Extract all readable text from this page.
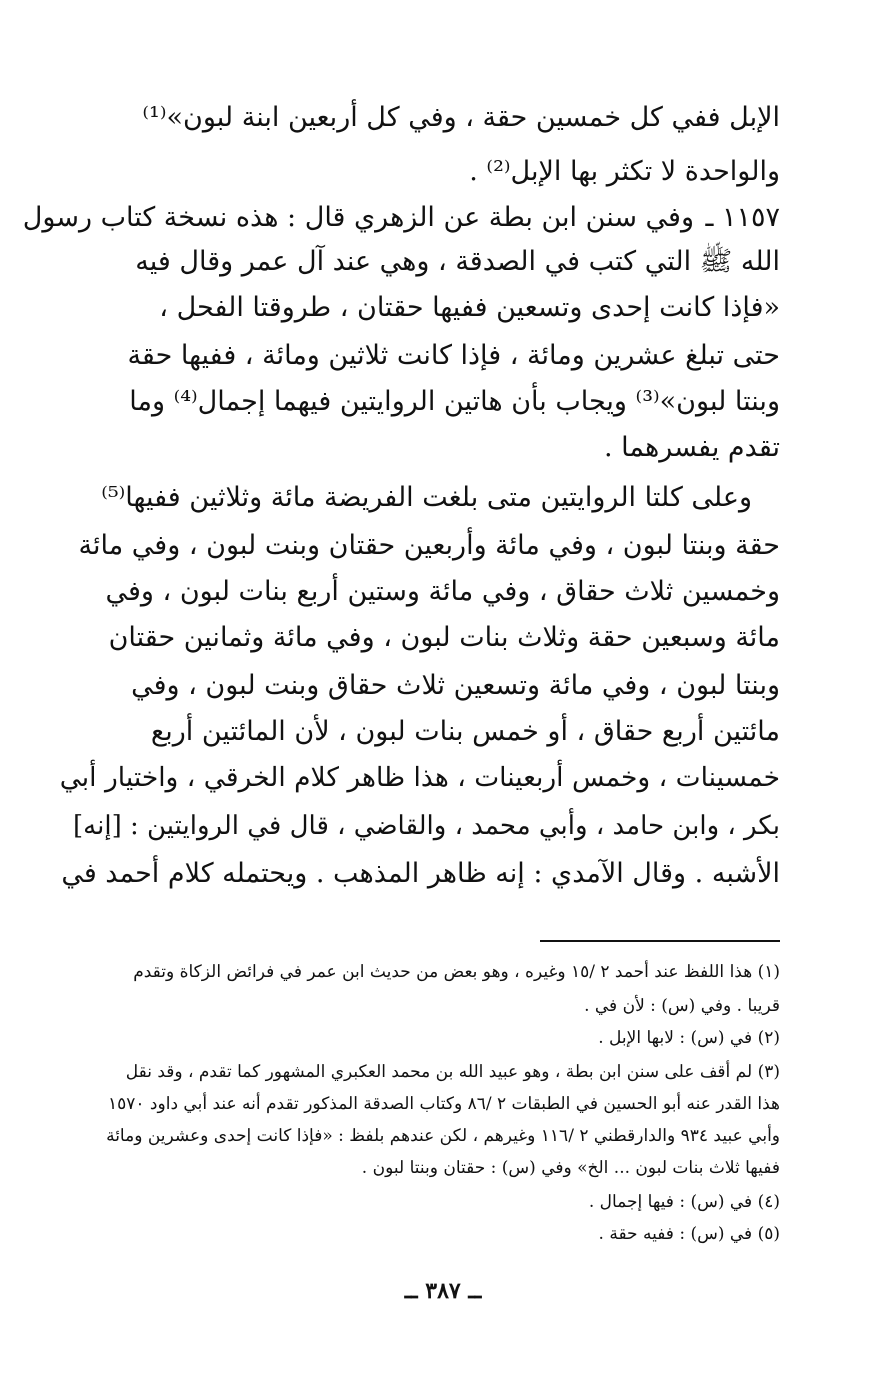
الإبل ففي كل خمسين حقة ، وفي كل أربعين ابنة لبون»⁽¹⁾
والواحدة لا تكثر بها الإبل⁽²⁾ .
١١٥٧ ـ
وفي سنن ابن بطة عن الزهري قال : هذه نسخة كتاب رسول
الله ﷺ التي كتب في الصدقة ، وهي عند آل عمر وقال فيه
«فإذا كانت إحدى وتسعين ففيها حقتان ، طروقتا الفحل ،
حتى تبلغ عشرين ومائة ، فإذا كانت ثلاثين ومائة ، ففيها حقة
وبنتا لبون»⁽³⁾ ويجاب بأن هاتين الروايتين فيهما إجمال⁽⁴⁾ وما
تقدم يفسرهما .
وعلى كلتا الروايتين متى بلغت الفريضة مائة وثلاثين ففيها⁽⁵⁾
حقة وبنتا لبون ، وفي مائة وأربعين حقتان وبنت لبون ، وفي مائة
وخمسين ثلاث حقاق ، وفي مائة وستين أربع بنات لبون ، وفي
مائة وسبعين حقة وثلاث بنات لبون ، وفي مائة وثمانين حقتان
وبنتا لبون ، وفي مائة وتسعين ثلاث حقاق وبنت لبون ، وفي
مائتين أربع حقاق ، أو خمس بنات لبون ، لأن المائتين أربع
خمسينات ، وخمس أربعينات ، هذا ظاهر كلام الخرقي ، واختيار أبي
بكر ، وابن حامد ، وأبي محمد ، والقاضي ، قال في الروايتين : [إنه]
الأشبه . وقال الآمدي : إنه ظاهر المذهب . ويحتمله كلام أحمد في
(١) هذا اللفظ عند أحمد ٢ /١٥ وغيره ، وهو بعض من حديث ابن عمر في فرائض الزكاة وتقدم
قريبا . وفي (س) : لأن في .
(٢) في (س) : لابها الإبل .
(٣) لم أقف على سنن ابن بطة ، وهو عبيد الله بن محمد العكبري المشهور كما تقدم ، وقد نقل
هذا القدر عنه أبو الحسين في الطبقات ٢ /٨٦ وكتاب الصدقة المذكور تقدم أنه عند أبي داود ١٥٧٠
وأبي عبيد ٩٣٤ والدارقطني ٢ /١١٦ وغيرهم ، لكن عندهم بلفظ : «فإذا كانت إحدى وعشرين ومائة
ففيها ثلاث بنات لبون ... الخ» وفي (س) : حقتان وبنتا لبون .
(٤) في (س) : فيها إجمال .
(٥) في (س) : ففيه حقة .
ــ ٣٨٧ ــ
